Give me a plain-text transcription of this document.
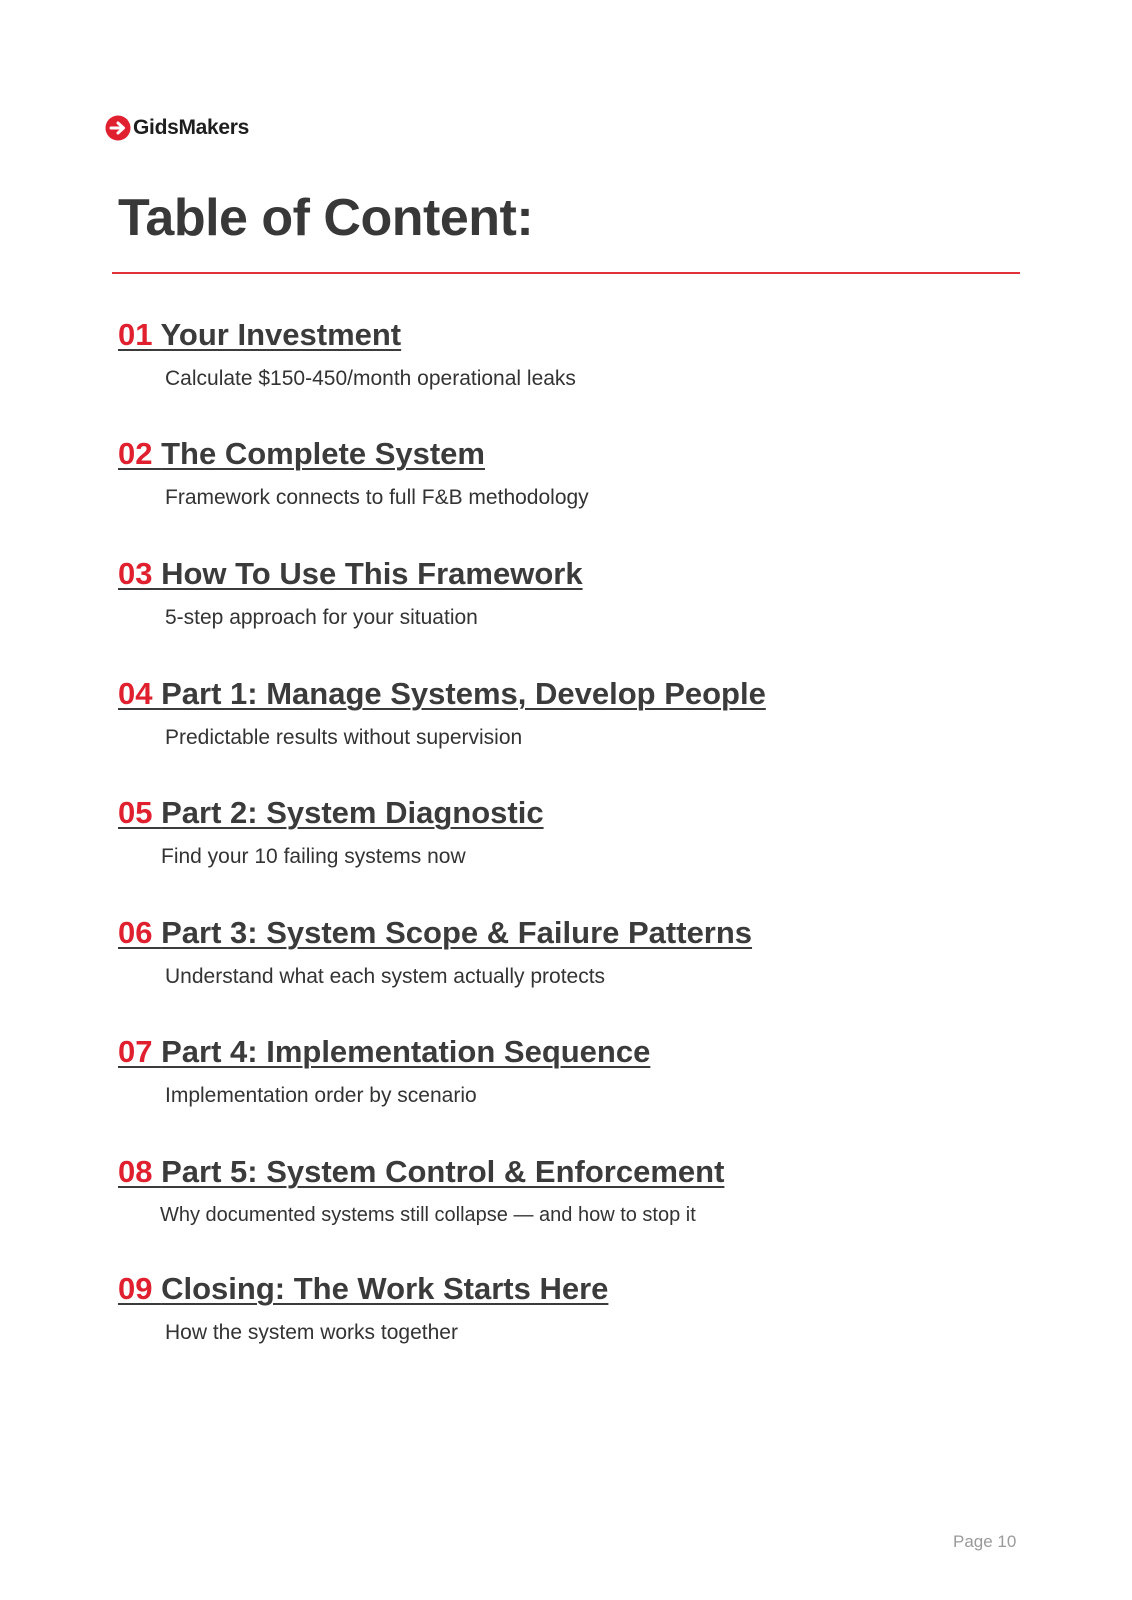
GidsMakers
Table of Content:
01 Your Investment
Calculate $150-450/month operational leaks
02 The Complete System
Framework connects to full F&B methodology
03 How To Use This Framework
5-step approach for your situation
04 Part 1: Manage Systems, Develop People
Predictable results without supervision
05 Part 2: System Diagnostic
Find your 10 failing systems now
06 Part 3: System Scope & Failure Patterns
Understand what each system actually protects
07 Part 4: Implementation Sequence
Implementation order by scenario
08 Part 5: System Control & Enforcement
Why documented systems still collapse — and how to stop it
09 Closing: The Work Starts Here
How the system works together
Page 10
